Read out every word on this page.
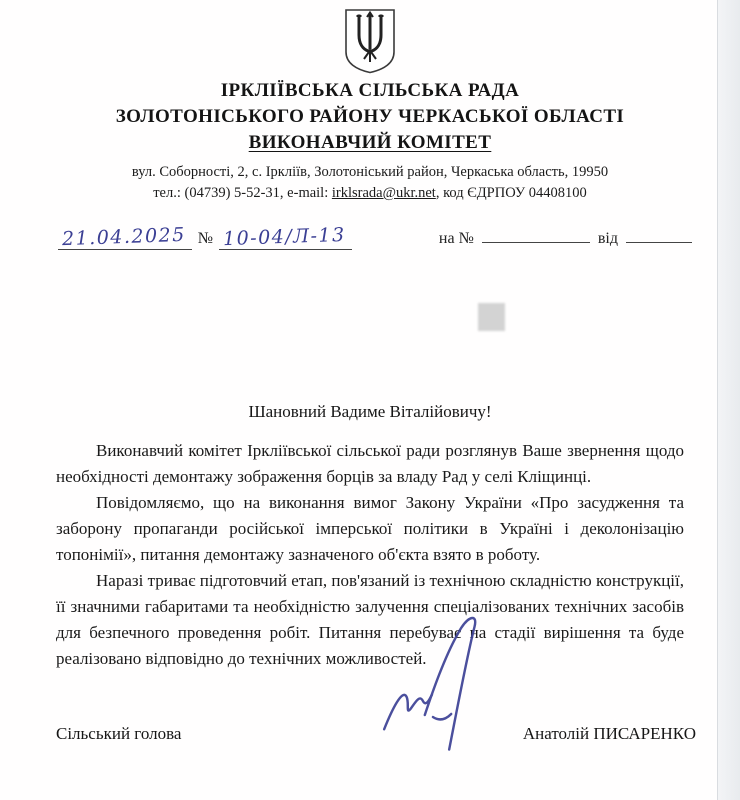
ІРКЛІЇВСЬКА СІЛЬСЬКА РАДА
ЗОЛОТОНІСЬКОГО РАЙОНУ ЧЕРКАСЬКОЇ ОБЛАСТІ
ВИКОНАВЧИЙ КОМІТЕТ
вул. Соборності, 2, с. Іркліїв, Золотоніський район, Черкаська область, 19950
тел.: (04739) 5-52-31, e-mail: irklsrada@ukr.net, код ЄДРПОУ 04408100
21.04.2025 № 10-04/Л-13	на №	від
Шановний Вадиме Віталійовичу!

Виконавчий комітет Іркліївської сільської ради розглянув Ваше звернення щодо необхідності демонтажу зображення борців за владу Рад у селі Кліщинці.

Повідомляємо, що на виконання вимог Закону України «Про засудження та заборону пропаганди російської імперської політики в Україні і деколонізацію топонімії», питання демонтажу зазначеного об'єкта взято в роботу.

Наразі триває підготовчий етап, пов'язаний із технічною складністю конструкції, її значними габаритами та необхідністю залучення спеціалізованих технічних засобів для безпечного проведення робіт. Питання перебуває на стадії вирішення та буде реалізовано відповідно до технічних можливостей.

Сільський голова	Анатолій ПИСАРЕНКО
